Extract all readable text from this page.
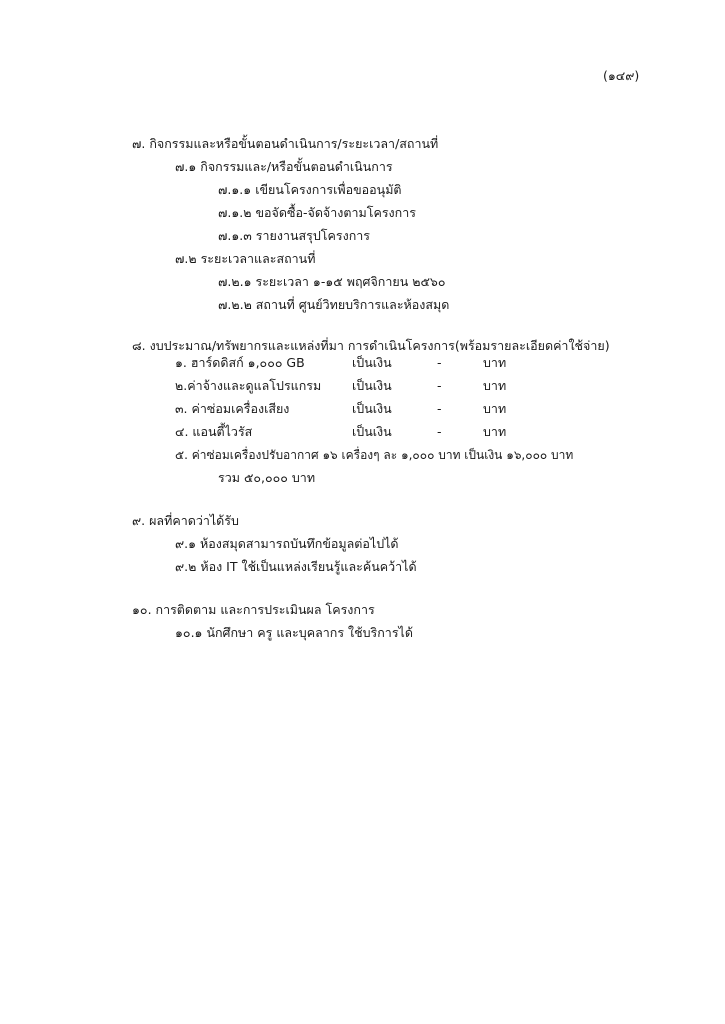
(๑๔๙)
๗. กิจกรรมและหรือขั้นตอนดำเนินการ/ระยะเวลา/สถานที่
๗.๑ กิจกรรมและ/หรือขั้นตอนดำเนินการ
๗.๑.๑ เขียนโครงการเพื่อขออนุมัติ
๗.๑.๒ ขอจัดซื้อ-จัดจ้างตามโครงการ
๗.๑.๓ รายงานสรุปโครงการ
๗.๒ ระยะเวลาและสถานที่
๗.๒.๑ ระยะเวลา ๑-๑๕ พฤศจิกายน ๒๕๖๐
๗.๒.๒ สถานที่ ศูนย์วิทยบริการและห้องสมุด
๘. งบประมาณ/ทรัพยากรและแหล่งที่มา การดำเนินโครงการ(พร้อมรายละเอียดค่าใช้จ่าย)
๑. ฮาร์ดดิสก์ ๑,๐๐๐ GB	เป็นเงิน	-	บาท
๒.ค่าจ้างและดูแลโปรแกรม เป็นเงิน	-	บาท
๓. ค่าซ่อมเครื่องเสียง	เป็นเงิน	-	บาท
๔. แอนตี้ไวรัส	เป็นเงิน	-	บาท
๕. ค่าซ่อมเครื่องปรับอากาศ ๑๖ เครื่องๆ ละ ๑,๐๐๐ บาท เป็นเงิน ๑๖,๐๐๐ บาท
รวม ๕๐,๐๐๐ บาท
๙. ผลที่คาดว่าได้รับ
๙.๑ ห้องสมุดสามารถบันทึกข้อมูลต่อไปได้
๙.๒ ห้อง IT ใช้เป็นแหล่งเรียนรู้และค้นคว้าได้
๑๐. การติดตาม และการประเมินผล โครงการ
๑๐.๑ นักศึกษา ครู และบุคลากร ใช้บริการได้
